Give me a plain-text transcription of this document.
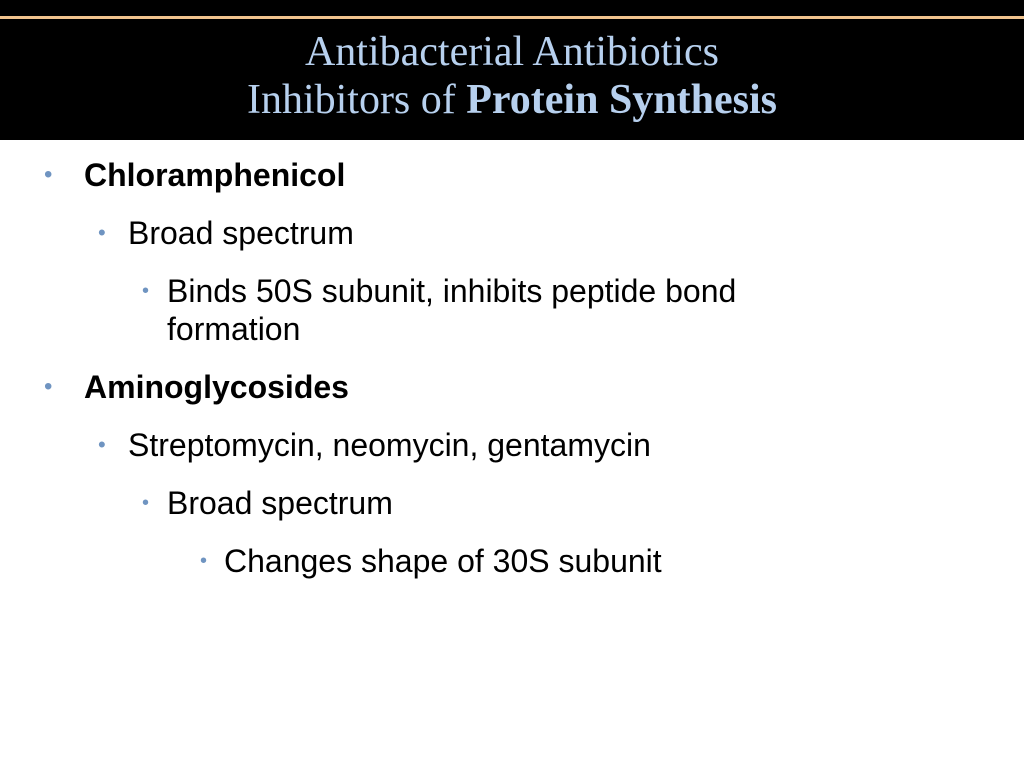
Antibacterial Antibiotics
Inhibitors of Protein Synthesis
• Chloramphenicol
• Broad spectrum
• Binds 50S subunit, inhibits peptide bond
formation
• Aminoglycosides
• Streptomycin, neomycin, gentamycin
• Broad spectrum
• Changes shape of 30S subunit
